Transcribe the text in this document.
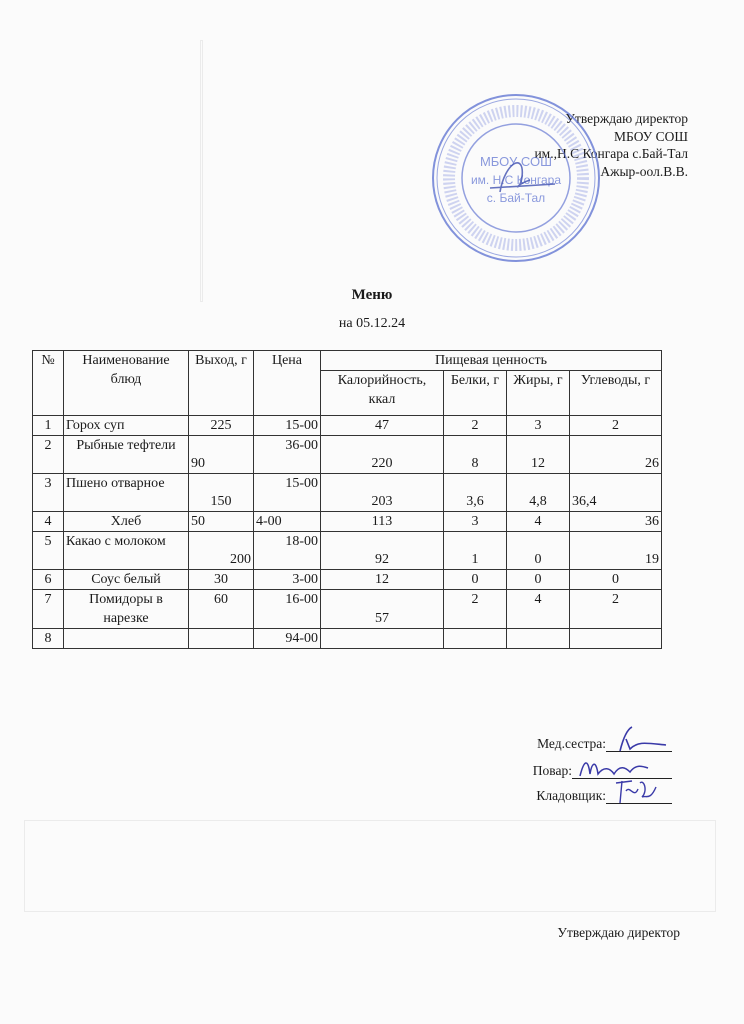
Утверждаю директор
МБОУ СОШ
им.,Н.С Конгара с.Бай-Тал
Ажыр-оол.В.В.
МБОУ СОШ
им. Н.С Конгара
с. Бай-Тал
Меню
на 05.12.24
№	Наименование блюд	Выход, г	Цена	Пищевая ценность			
				Калорийность, ккал	Белки, г	Жиры, г	Углеводы, г
1	Горох суп	225	15-00	47	2	3	2
2	Рыбные тефтели	90	36-00	220	8	12	26
3	Пшено отварное	150	15-00	203	3,6	4,8	36,4
4	Хлеб	50	4-00	113	3	4	36
5	Какао с молоком	200	18-00	92	1	0	19
6	Соус белый	30	3-00	12	0	0	0
7	Помидоры в нарезке	60	16-00	57	2	4	2
8			94-00				
Мед.сестра:
Повар:
Кладовщик:
Утверждаю директор
